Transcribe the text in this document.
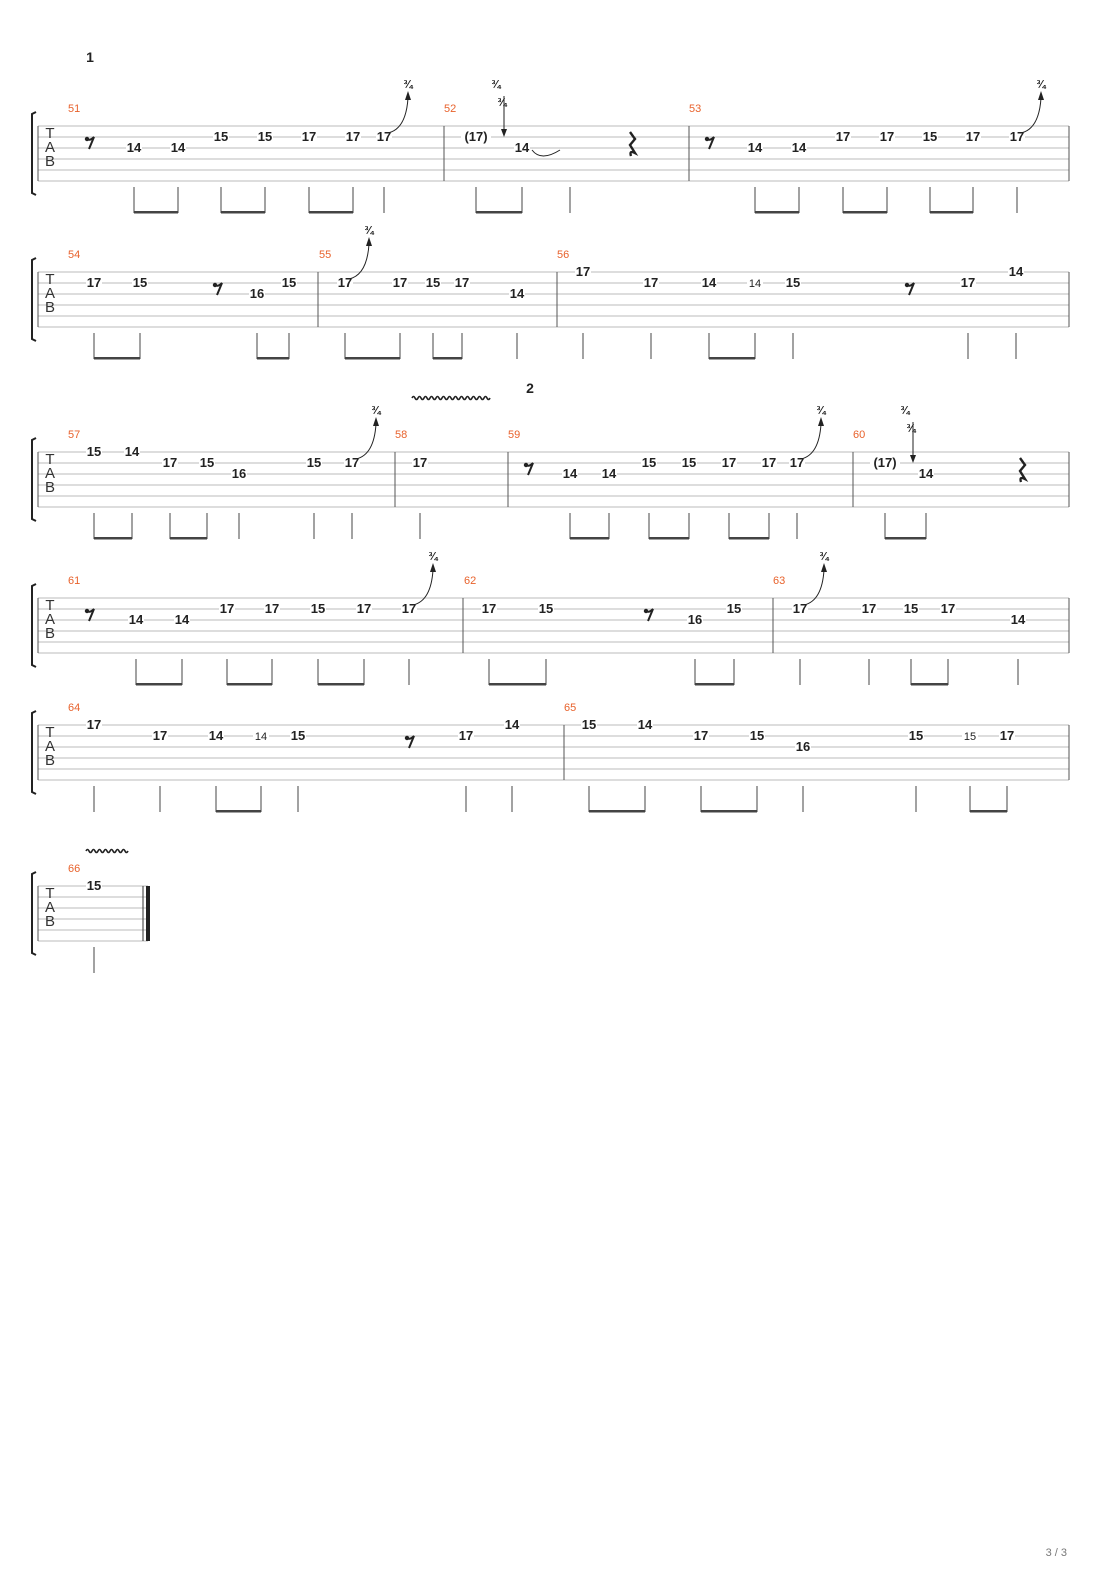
T
A
B
1
51
14 14
15 15 17 17 17
¾
52
(17)
¾
¾
14
53
14 14
17 17 15 17 17
¾
T
A
B
54
17 15
16
15
55
17
¾
17 15 17
14
56
17
17	14	14 15	17
14
T
A
B
2
57
15 14
17 15
16
15 17
¾
58
17
59
14 14
15 15 17 17 17
¾
60
(17)
¾
¾
14
T
A
B
61
14 14
17 17 15 17 17
¾
62
17	15
16
15
63
17
¾
17 15 17
14
T
A
B
64
17
17	14	14 15	17
14
65
15	14
17	15
16
15	15 17
T
A
B
66
15
3 / 3
